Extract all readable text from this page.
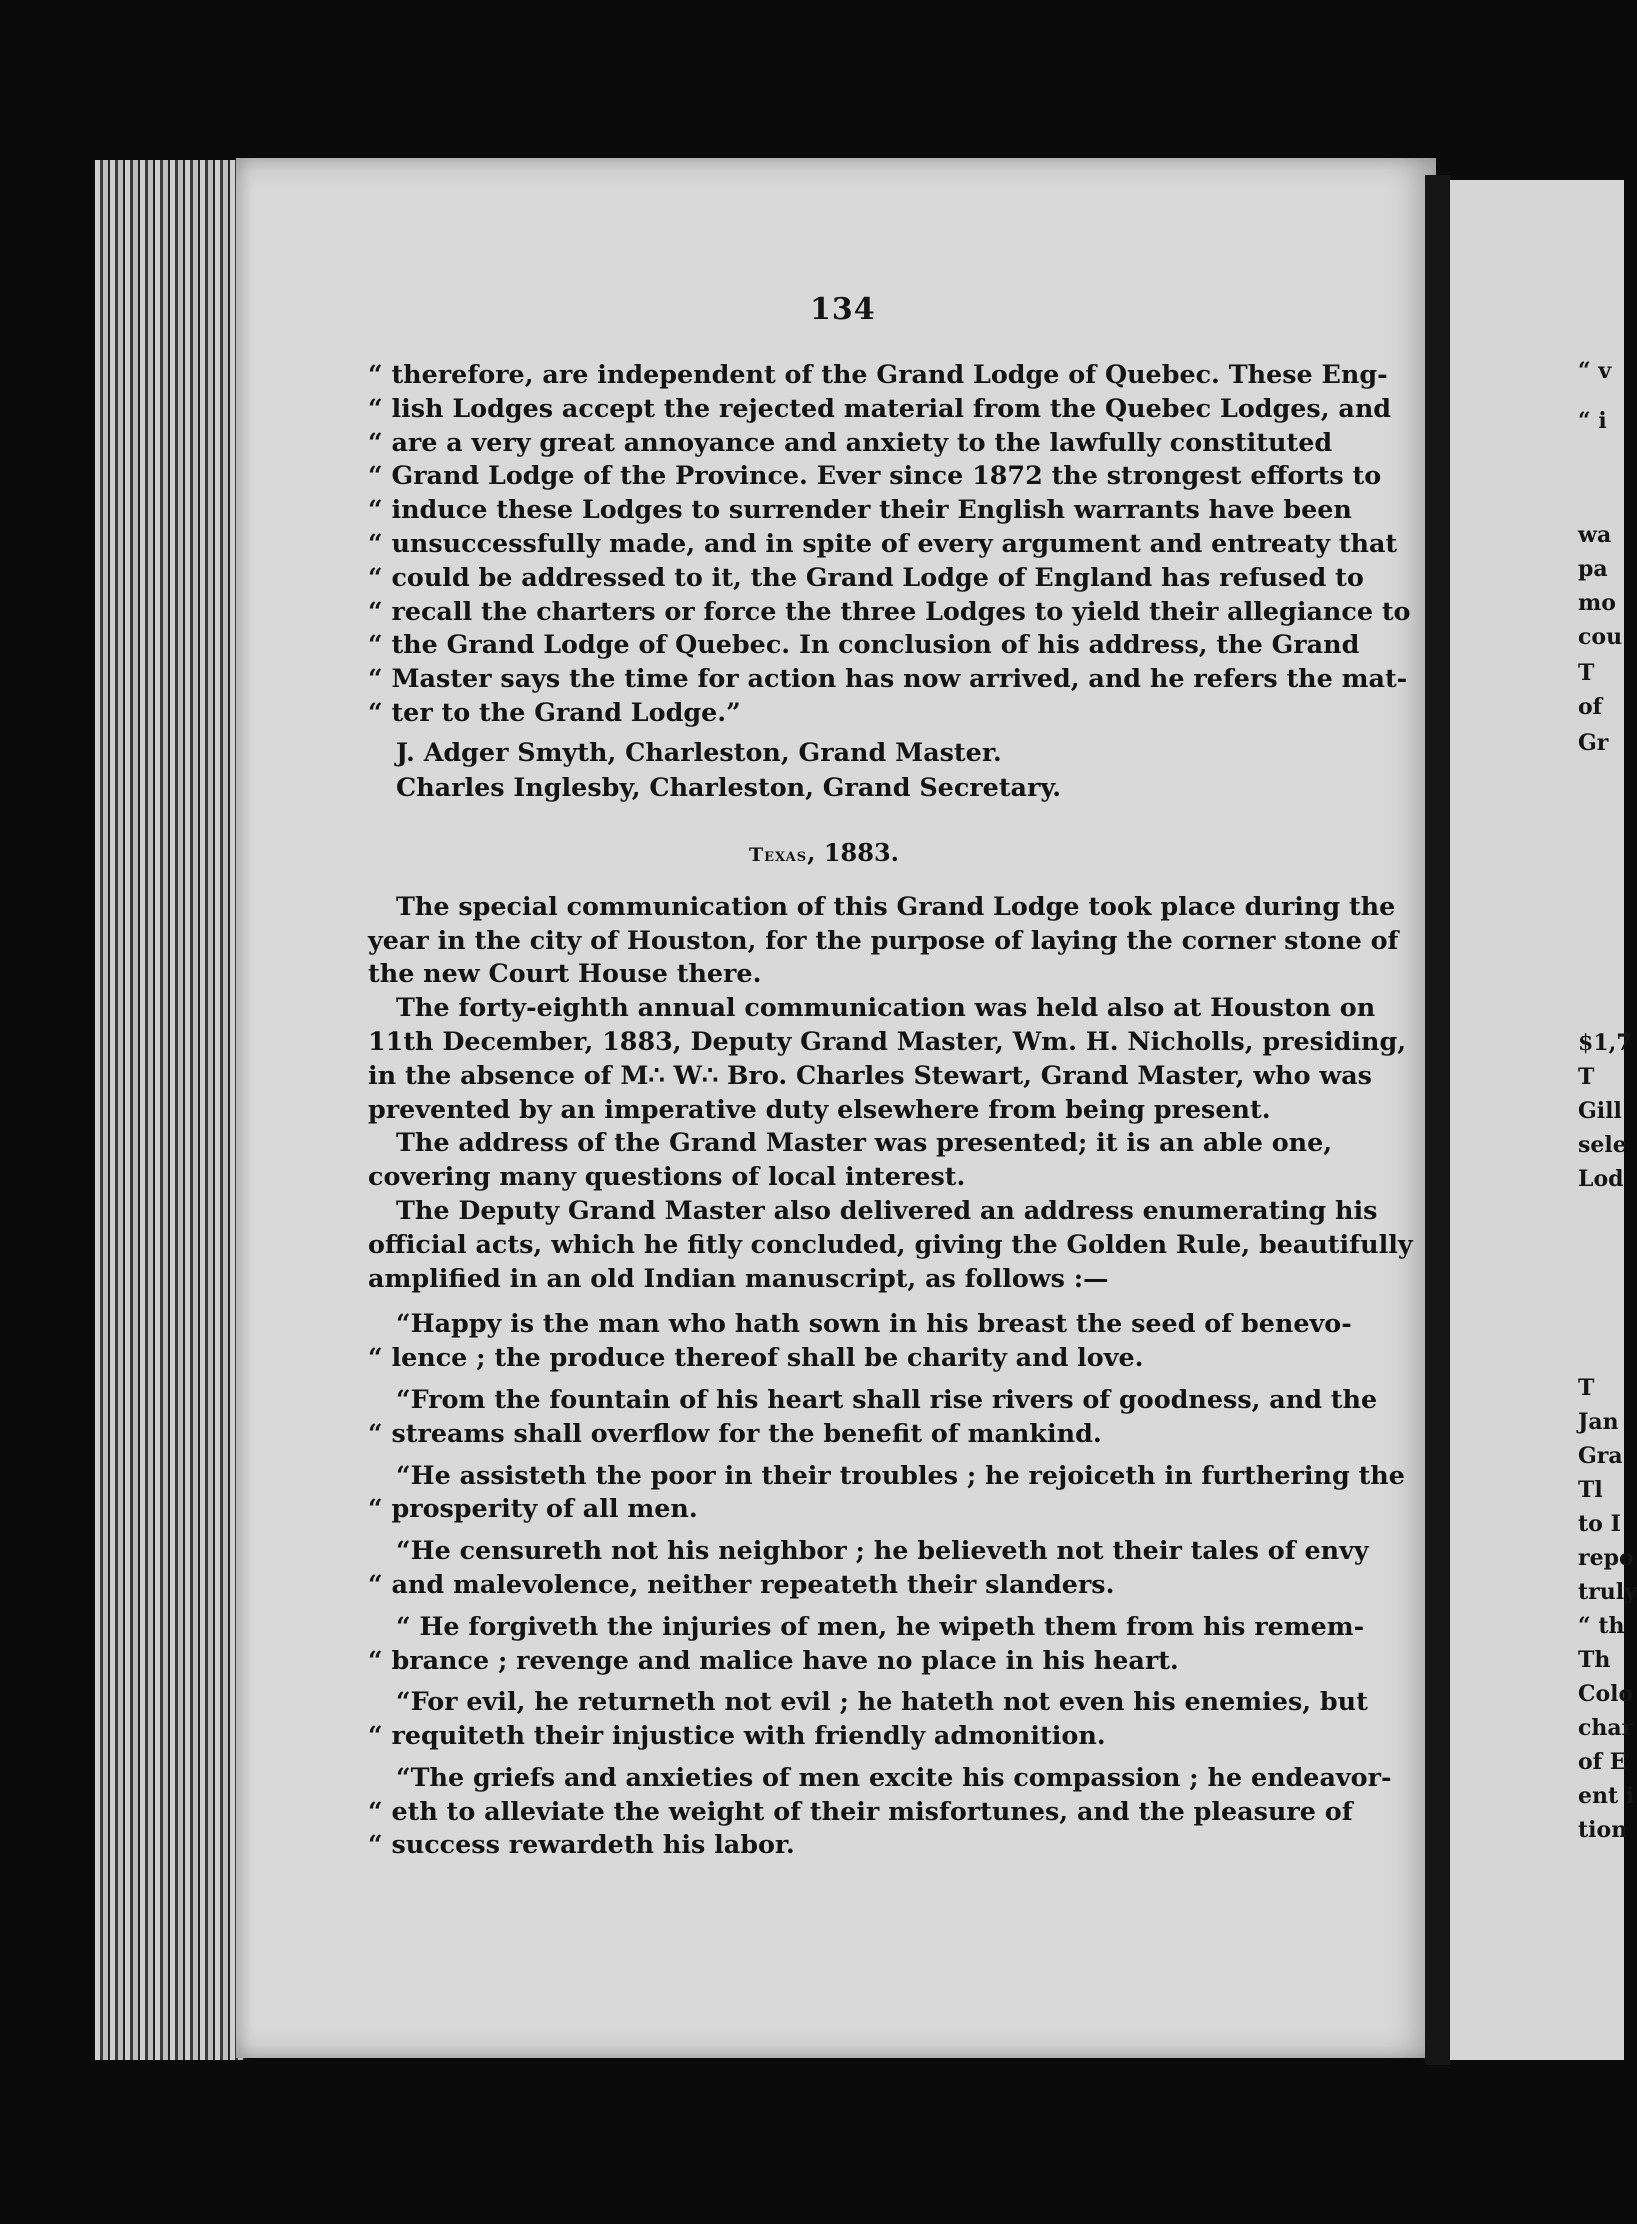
134
“ therefore, are independent of the Grand Lodge of Quebec. These Eng-
“ lish Lodges accept the rejected material from the Quebec Lodges, and
“ are a very great annoyance and anxiety to the lawfully constituted
“ Grand Lodge of the Province. Ever since 1872 the strongest efforts to
“ induce these Lodges to surrender their English warrants have been
“ unsuccessfully made, and in spite of every argument and entreaty that
“ could be addressed to it, the Grand Lodge of England has refused to
“ recall the charters or force the three Lodges to yield their allegiance to
“ the Grand Lodge of Quebec. In conclusion of his address, the Grand
“ Master says the time for action has now arrived, and he refers the mat-
“ ter to the Grand Lodge.”
J. Adger Smyth, Charleston, Grand Master.
Charles Inglesby, Charleston, Grand Secretary.
Texas, 1883.
The special communication of this Grand Lodge took place during the
year in the city of Houston, for the purpose of laying the corner stone of
the new Court House there.
The forty-eighth annual communication was held also at Houston on
11th December, 1883, Deputy Grand Master, Wm. H. Nicholls, presiding,
in the absence of M∴ W∴ Bro. Charles Stewart, Grand Master, who was
prevented by an imperative duty elsewhere from being present.
The address of the Grand Master was presented; it is an able one,
covering many questions of local interest.
The Deputy Grand Master also delivered an address enumerating his
official acts, which he fitly concluded, giving the Golden Rule, beautifully
amplified in an old Indian manuscript, as follows :—
“Happy is the man who hath sown in his breast the seed of benevo-
“ lence ; the produce thereof shall be charity and love.
“From the fountain of his heart shall rise rivers of goodness, and the
“ streams shall overflow for the benefit of mankind.
“He assisteth the poor in their troubles ; he rejoiceth in furthering the
“ prosperity of all men.
“He censureth not his neighbor ; he believeth not their tales of envy
“ and malevolence, neither repeateth their slanders.
“ He forgiveth the injuries of men, he wipeth them from his remem-
“ brance ; revenge and malice have no place in his heart.
“For evil, he returneth not evil ; he hateth not even his enemies, but
“ requiteth their injustice with friendly admonition.
“The griefs and anxieties of men excite his compassion ; he endeavor-
“ eth to alleviate the weight of their misfortunes, and the pleasure of
“ success rewardeth his labor.
“ v
“ i
wa
pa
mo
cou
T
of
Gr
$1,7
T
Gill
sele
Lod
T
Jan
Gra
Tl
to I
repo
truly
“ th
Th
Colo
char
of E
ent i
tion
